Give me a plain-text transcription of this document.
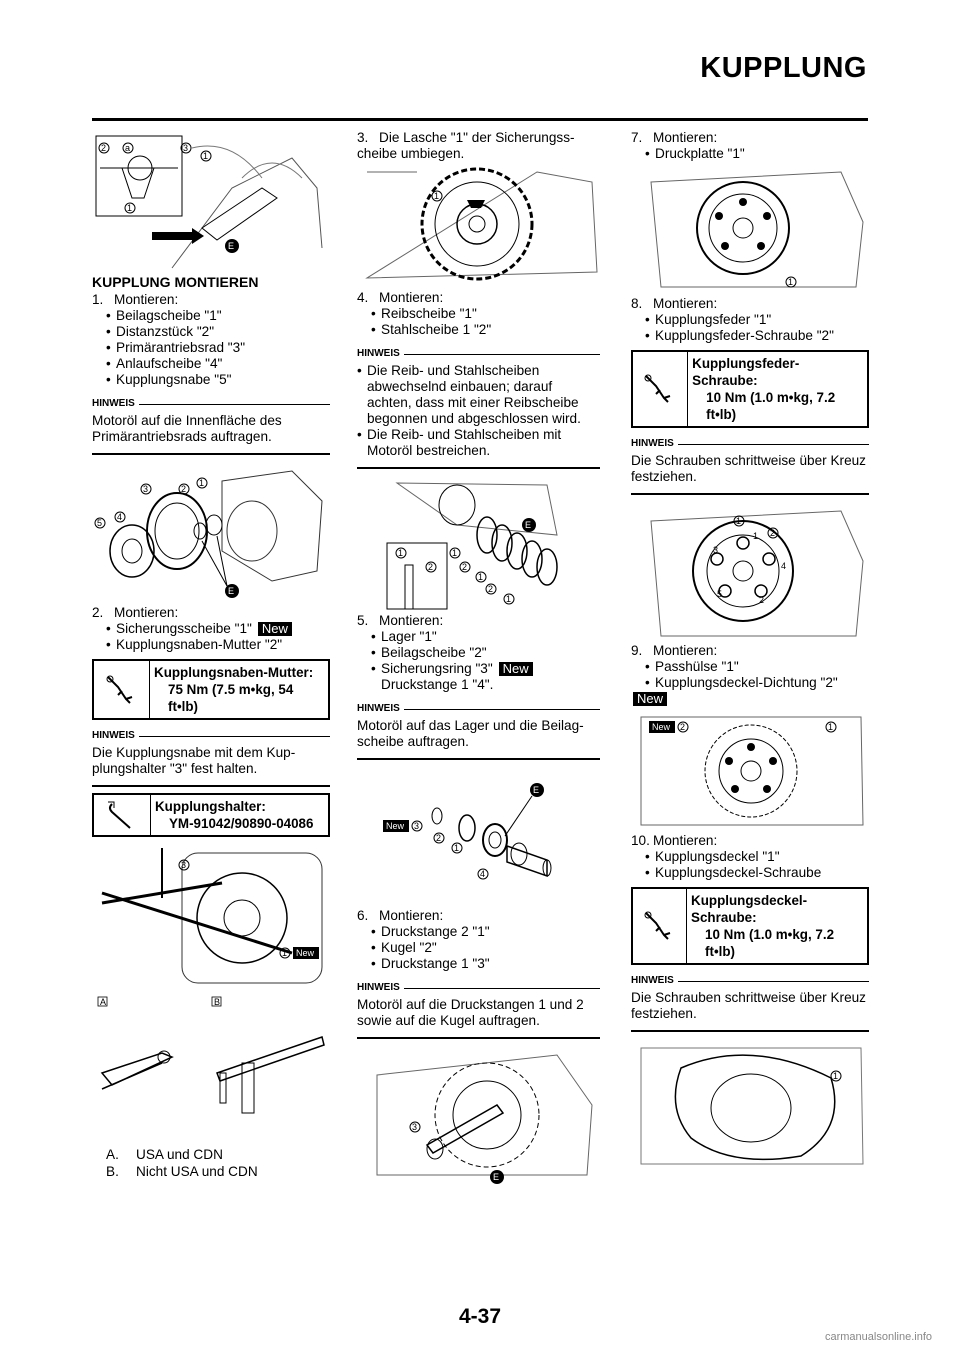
KUPPLUNG
E
2 a	3
1
1
KUPPLUNG MONTIEREN
1. Montieren:
• Beilagscheibe "1"
• Distanzstück "2"
• Primärantriebsrad "3"
• Anlaufscheibe "4"
• Kupplungsnabe "5"
HINWEIS
Motoröl auf die Innenfläche des Primärantriebsrads auftragen.
E
1
2
3
4
5
2. Montieren:
• Sicherungsscheibe "1" New
• Kupplungsnaben-Mutter "2"
Kupplungsnaben-Mutter:
75 Nm (7.5 m•kg, 54 ft•lb)
HINWEIS
Die Kupplungsnabe mit dem Kup-plungshalter "3" fest halten.
Kupplungshalter:
YM-91042/90890-04086
3
1 New
A	B
A. USA und CDN
B. Nicht USA und CDN
3. Die Lasche "1" der Sicherungss-cheibe umbiegen.
1
4. Montieren:
• Reibscheibe "1"
• Stahlscheibe 1 "2"
HINWEIS
• Die Reib- und Stahlscheiben abwechselnd einbauen; darauf achten, dass mit einer Reibscheibe begonnen und abgeschlossen wird.
• Die Reib- und Stahlscheiben mit Motoröl bestreichen.
E
1
2
1
2
1
2
1
5. Montieren:
• Lager "1"
• Beilagscheibe "2"
• Sicherungsring "3" New
Druckstange 1 "4".
HINWEIS
Motoröl auf das Lager und die Beilag-scheibe auftragen.
E
New 3
2
1
4
6. Montieren:
• Druckstange 2 "1"
• Kugel "2"
• Druckstange 1 "3"
HINWEIS
Motoröl auf die Druckstangen 1 und 2 sowie auf die Kugel auftragen.
3
E
7. Montieren:
• Druckplatte "1"
1
8. Montieren:
• Kupplungsfeder "1"
• Kupplungsfeder-Schraube "2"
Kupplungsfeder-Schraube:
10 Nm (1.0 m•kg, 7.2 ft•lb)
HINWEIS
Die Schrauben schrittweise über Kreuz festziehen.
1
2
1
3
4
5
2
9. Montieren:
• Passhülse "1"
• Kupplungsdeckel-Dichtung "2"
New
New 2	1
10. Montieren:
• Kupplungsdeckel "1"
• Kupplungsdeckel-Schraube
Kupplungsdeckel-Schraube:
10 Nm (1.0 m•kg, 7.2 ft•lb)
HINWEIS
Die Schrauben schrittweise über Kreuz festziehen.
1
4-37
carmanualsonline.info
